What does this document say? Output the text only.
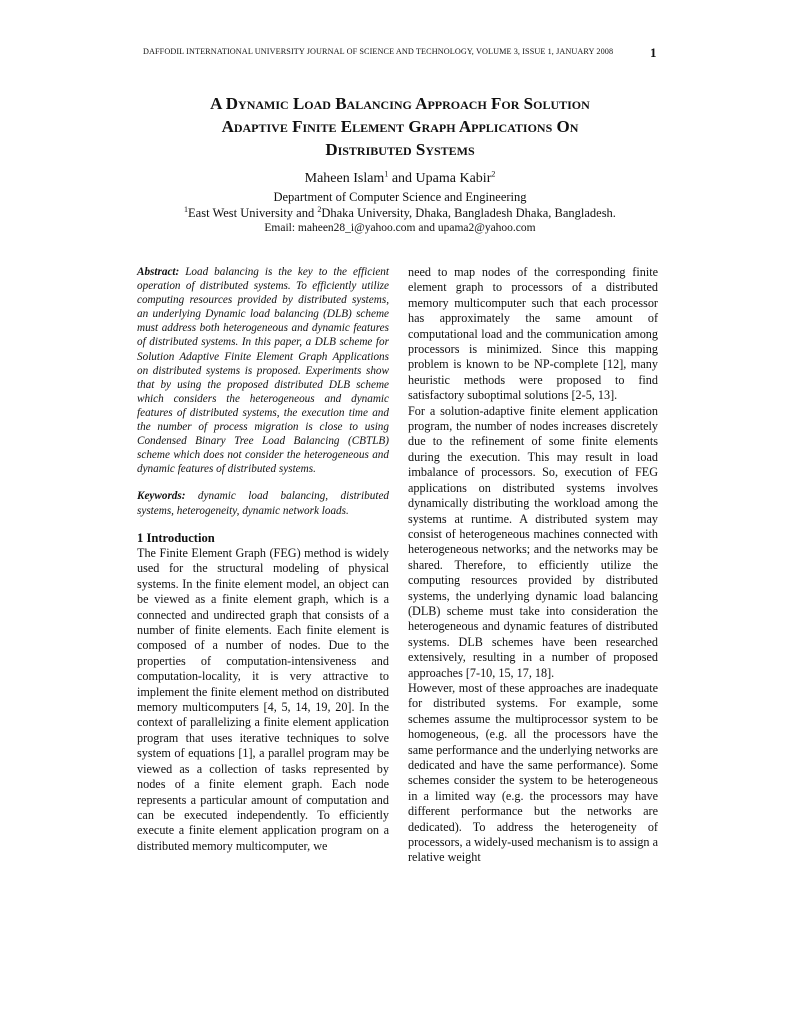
DAFFODIL INTERNATIONAL UNIVERSITY JOURNAL OF SCIENCE AND TECHNOLOGY, VOLUME 3, ISSUE 1, JANUARY 2008	1
A Dynamic Load Balancing Approach For Solution
Adaptive Finite Element Graph Applications On
Distributed Systems
Maheen Islam$^1$ and Upama Kabir$^2$
Department of Computer Science and Engineering
$^1$East West University and $^2$Dhaka University, Dhaka, Bangladesh Dhaka, Bangladesh.
Email: maheen28_i@yahoo.com and upama2@yahoo.com

Abstract: Load balancing is the key to the efficient operation of distributed systems. To efficiently utilize computing resources provided by distributed systems, an underlying Dynamic load balancing (DLB) scheme must address both heterogeneous and dynamic features of distributed systems. In this paper, a DLB scheme for Solution Adaptive Finite Element Graph Applications on distributed systems is proposed. Experiments show that by using the proposed distributed DLB scheme which considers the heterogeneous and dynamic features of distributed systems, the execution time and the number of process migration is close to using Condensed Binary Tree Load Balancing (CBTLB) scheme which does not consider the heterogeneous and dynamic features of distributed systems.

Keywords: dynamic load balancing, distributed systems, heterogeneity, dynamic network loads.

1 Introduction

The Finite Element Graph (FEG) method is widely used for the structural modeling of physical systems. In the finite element model, an object can be viewed as a finite element graph, which is a connected and undirected graph that consists of a number of finite elements. Each finite element is composed of a number of nodes. Due to the properties of computation-intensiveness and computation-locality, it is very attractive to implement the finite element method on distributed memory multicomputers [4, 5, 14, 19, 20]. In the context of parallelizing a finite element application program that uses iterative techniques to solve system of equations [1], a parallel program may be viewed as a collection of tasks represented by nodes of a finite element graph. Each node represents a particular amount of computation and can be executed independently. To efficiently execute a finite element application program on a distributed memory multicomputer, we

need to map nodes of the corresponding finite element graph to processors of a distributed memory multicomputer such that each processor has approximately the same amount of computational load and the communication among processors is minimized. Since this mapping problem is known to be NP-complete [12], many heuristic methods were proposed to find satisfactory suboptimal solutions [2-5, 13].

For a solution-adaptive finite element application program, the number of nodes increases discretely due to the refinement of some finite elements during the execution. This may result in load imbalance of processors. So, execution of FEG applications on distributed systems involves dynamically distributing the workload among the systems at runtime. A distributed system may consist of heterogeneous machines connected with heterogeneous networks; and the networks may be shared. Therefore, to efficiently utilize the computing resources provided by distributed systems, the underlying dynamic load balancing (DLB) scheme must take into consideration the heterogeneous and dynamic features of distributed systems. DLB schemes have been researched extensively, resulting in a number of proposed approaches [7-10, 15, 17, 18].

However, most of these approaches are inadequate for distributed systems. For example, some schemes assume the multiprocessor system to be homogeneous, (e.g. all the processors have the same performance and the underlying networks are dedicated and have the same performance). Some schemes consider the system to be heterogeneous in a limited way (e.g. the processors may have different performance but the networks are dedicated). To address the heterogeneity of processors, a widely-used mechanism is to assign a relative weight
